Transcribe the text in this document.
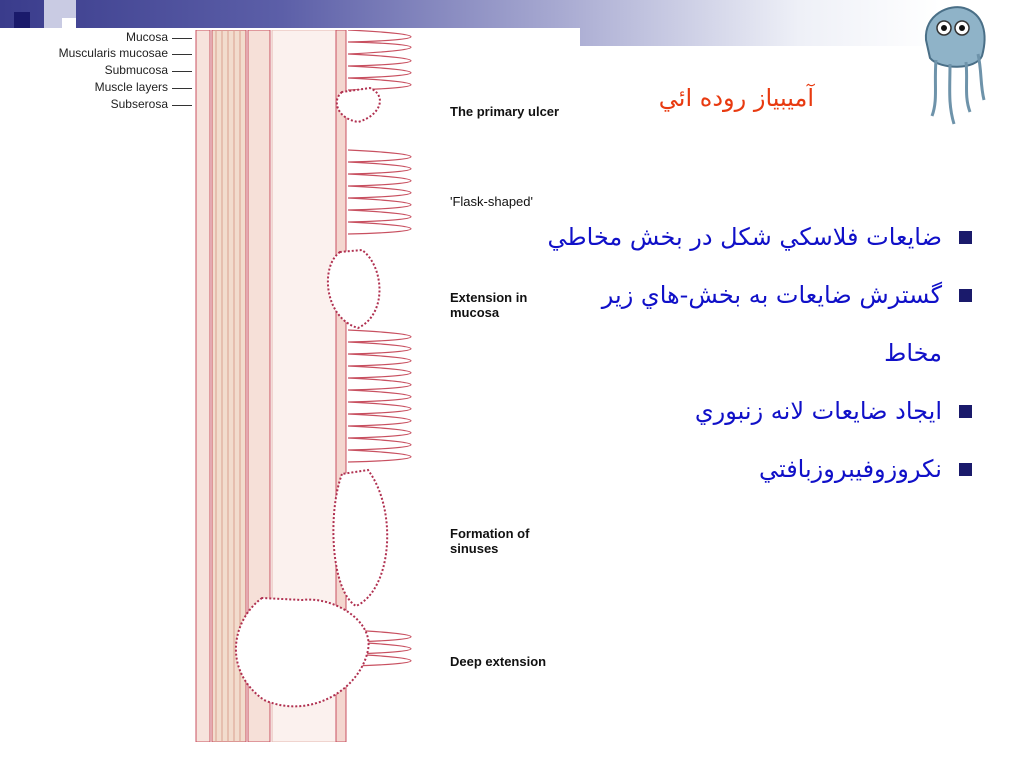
Mucosa
Muscularis mucosae
Submucosa
Muscle layers
Subserosa	The primary ulcer
'Flask-shaped'
Extension in mucosa
Formation of sinuses
Deep extension
آميبياز روده ائي

ضايعات فلاسکي شکل در بخش مخاطي

گسترش ضايعات به بخش-هاي زير مخاط

ايجاد ضايعات لانه زنبوري

نکروزوفيبروزبافتي
